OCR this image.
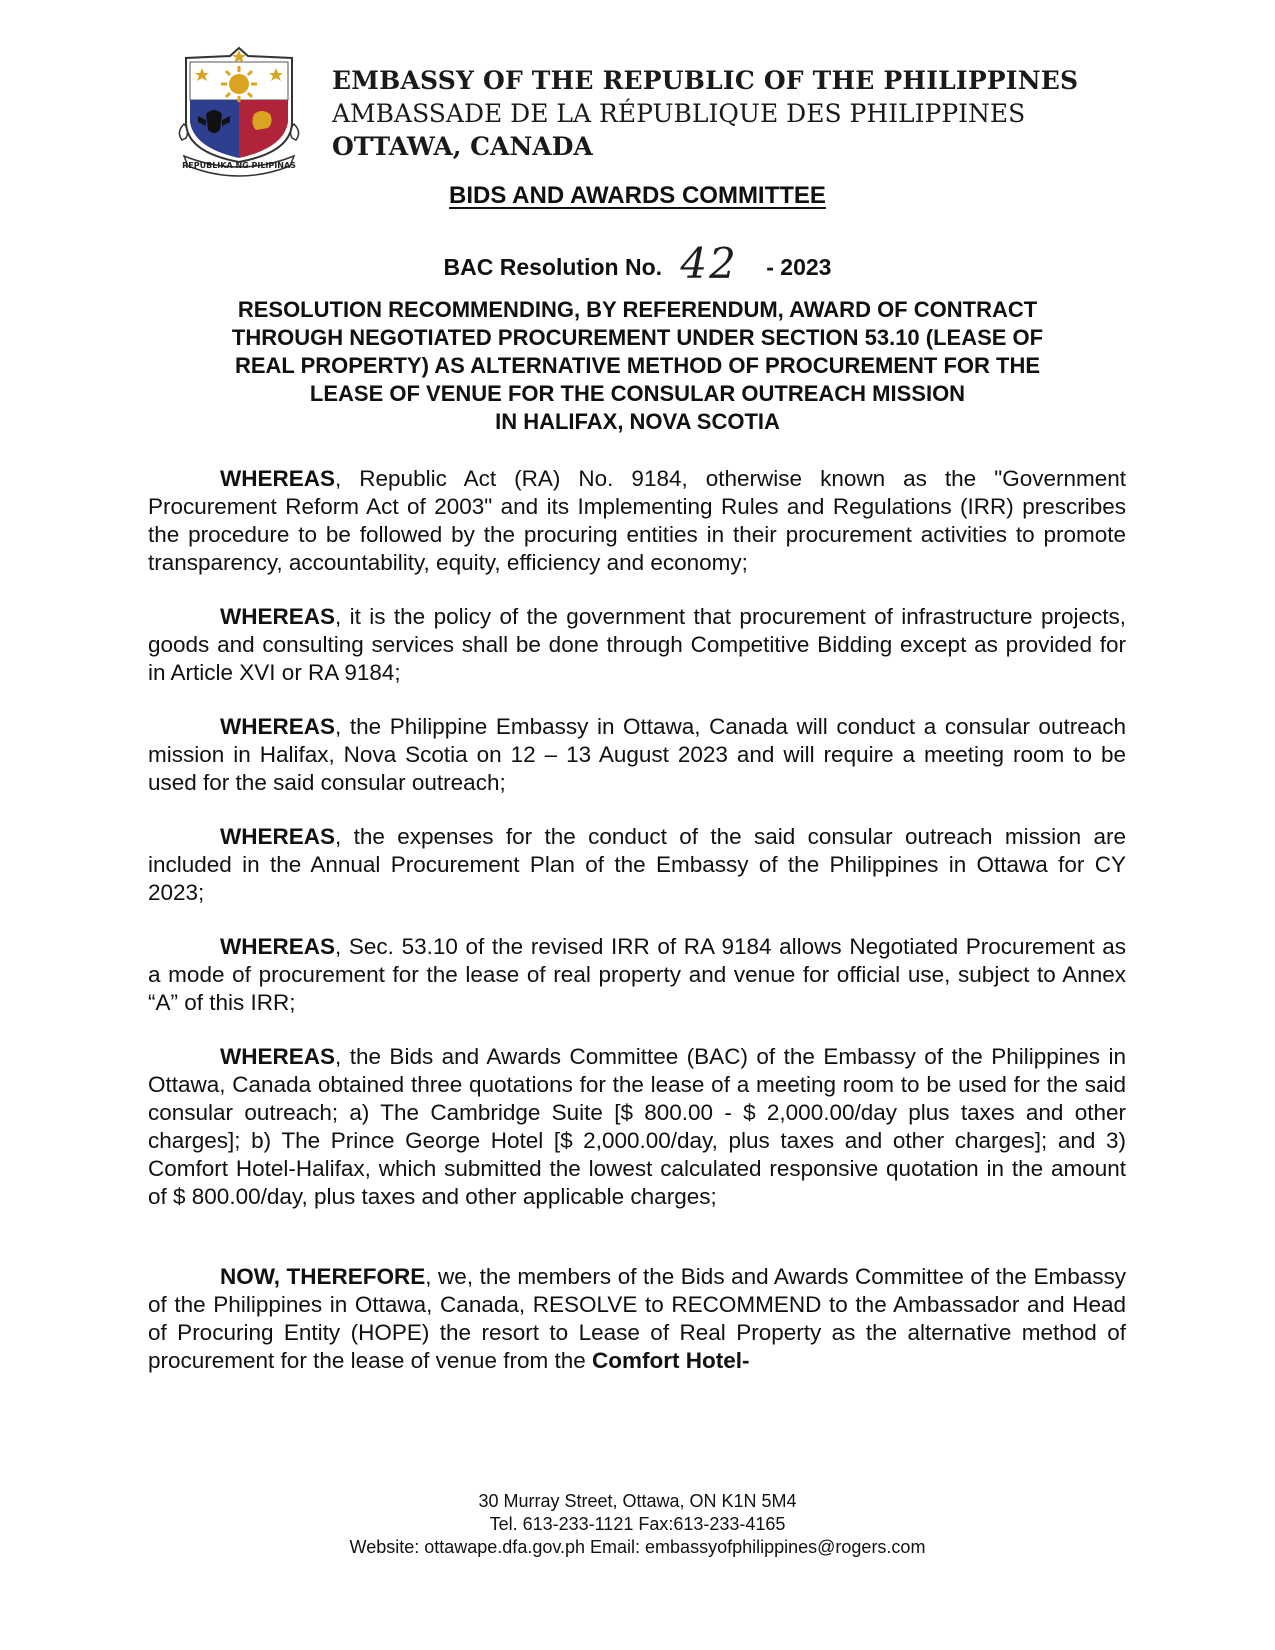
REPUBLIKA NG PILIPINAS
EMBASSY OF THE REPUBLIC OF THE PHILIPPINES
AMBASSADE DE LA RÉPUBLIQUE DES PHILIPPINES
OTTAWA, CANADA
BIDS AND AWARDS COMMITTEE
BAC Resolution No. 42 - 2023
RESOLUTION RECOMMENDING, BY REFERENDUM, AWARD OF CONTRACT
THROUGH NEGOTIATED PROCUREMENT UNDER SECTION 53.10 (LEASE OF
REAL PROPERTY) AS ALTERNATIVE METHOD OF PROCUREMENT FOR THE
LEASE OF VENUE FOR THE CONSULAR OUTREACH MISSION
IN HALIFAX, NOVA SCOTIA

WHEREAS, Republic Act (RA) No. 9184, otherwise known as the "Government Procurement Reform Act of 2003" and its Implementing Rules and Regulations (IRR) prescribes the procedure to be followed by the procuring entities in their procurement activities to promote transparency, accountability, equity, efficiency and economy;

WHEREAS, it is the policy of the government that procurement of infrastructure projects, goods and consulting services shall be done through Competitive Bidding except as provided for in Article XVI or RA 9184;

WHEREAS, the Philippine Embassy in Ottawa, Canada will conduct a consular outreach mission in Halifax, Nova Scotia on 12 – 13 August 2023 and will require a meeting room to be used for the said consular outreach;

WHEREAS, the expenses for the conduct of the said consular outreach mission are included in the Annual Procurement Plan of the Embassy of the Philippines in Ottawa for CY 2023;

WHEREAS, Sec. 53.10 of the revised IRR of RA 9184 allows Negotiated Procurement as a mode of procurement for the lease of real property and venue for official use, subject to Annex “A” of this IRR;

WHEREAS, the Bids and Awards Committee (BAC) of the Embassy of the Philippines in Ottawa, Canada obtained three quotations for the lease of a meeting room to be used for the said consular outreach; a) The Cambridge Suite [$ 800.00 - $ 2,000.00/day plus taxes and other charges]; b) The Prince George Hotel [$ 2,000.00/day, plus taxes and other charges]; and 3) Comfort Hotel-Halifax, which submitted the lowest calculated responsive quotation in the amount of $ 800.00/day, plus taxes and other applicable charges;

NOW, THEREFORE, we, the members of the Bids and Awards Committee of the Embassy of the Philippines in Ottawa, Canada, RESOLVE to RECOMMEND to the Ambassador and Head of Procuring Entity (HOPE) the resort to Lease of Real Property as the alternative method of procurement for the lease of venue from the Comfort Hotel-

30 Murray Street, Ottawa, ON K1N 5M4
Tel. 613-233-1121 Fax:613-233-4165
Website: ottawape.dfa.gov.ph Email: embassyofphilippines@rogers.com
